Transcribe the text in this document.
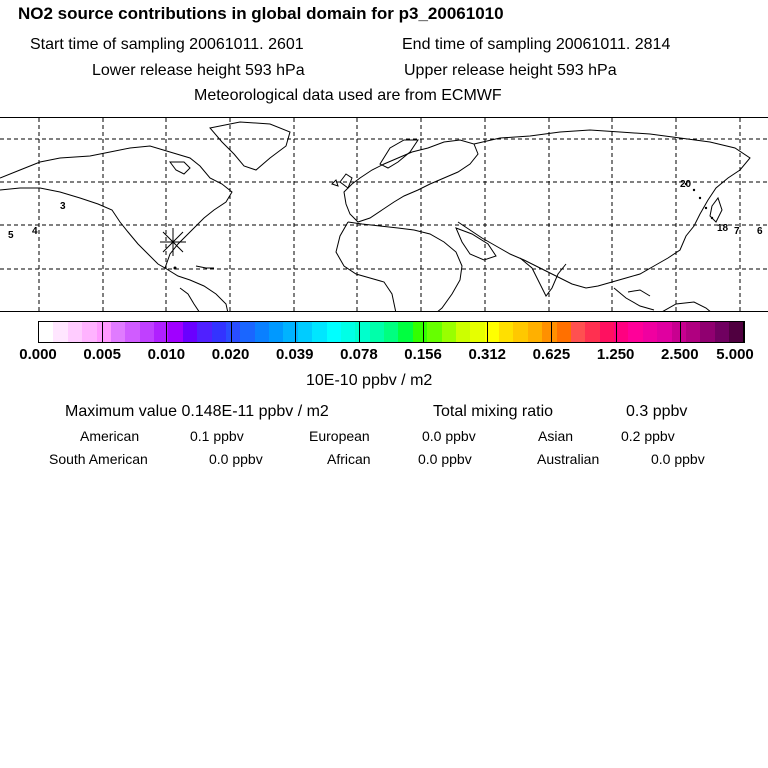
NO2 source contributions in global domain for p3_20061010
Start time of sampling 20061011. 2601	End time of sampling 20061011. 2814
Lower release height 593 hPa	Upper release height 593 hPa
Meteorological data used are from ECMWF
3
5 4
20
18 7 6
0.000 0.005 0.010 0.020 0.039 0.078 0.156 0.312 0.625 1.250 2.500 5.000
10E-10 ppbv / m2
Maximum value 0.148E-11 ppbv / m2	Total mixing ratio	0.3 ppbv
American	0.1 ppbv	European	0.0 ppbv	Asian	0.2 ppbv
South American	0.0 ppbv	African	0.0 ppbv	Australian	0.0 ppbv
